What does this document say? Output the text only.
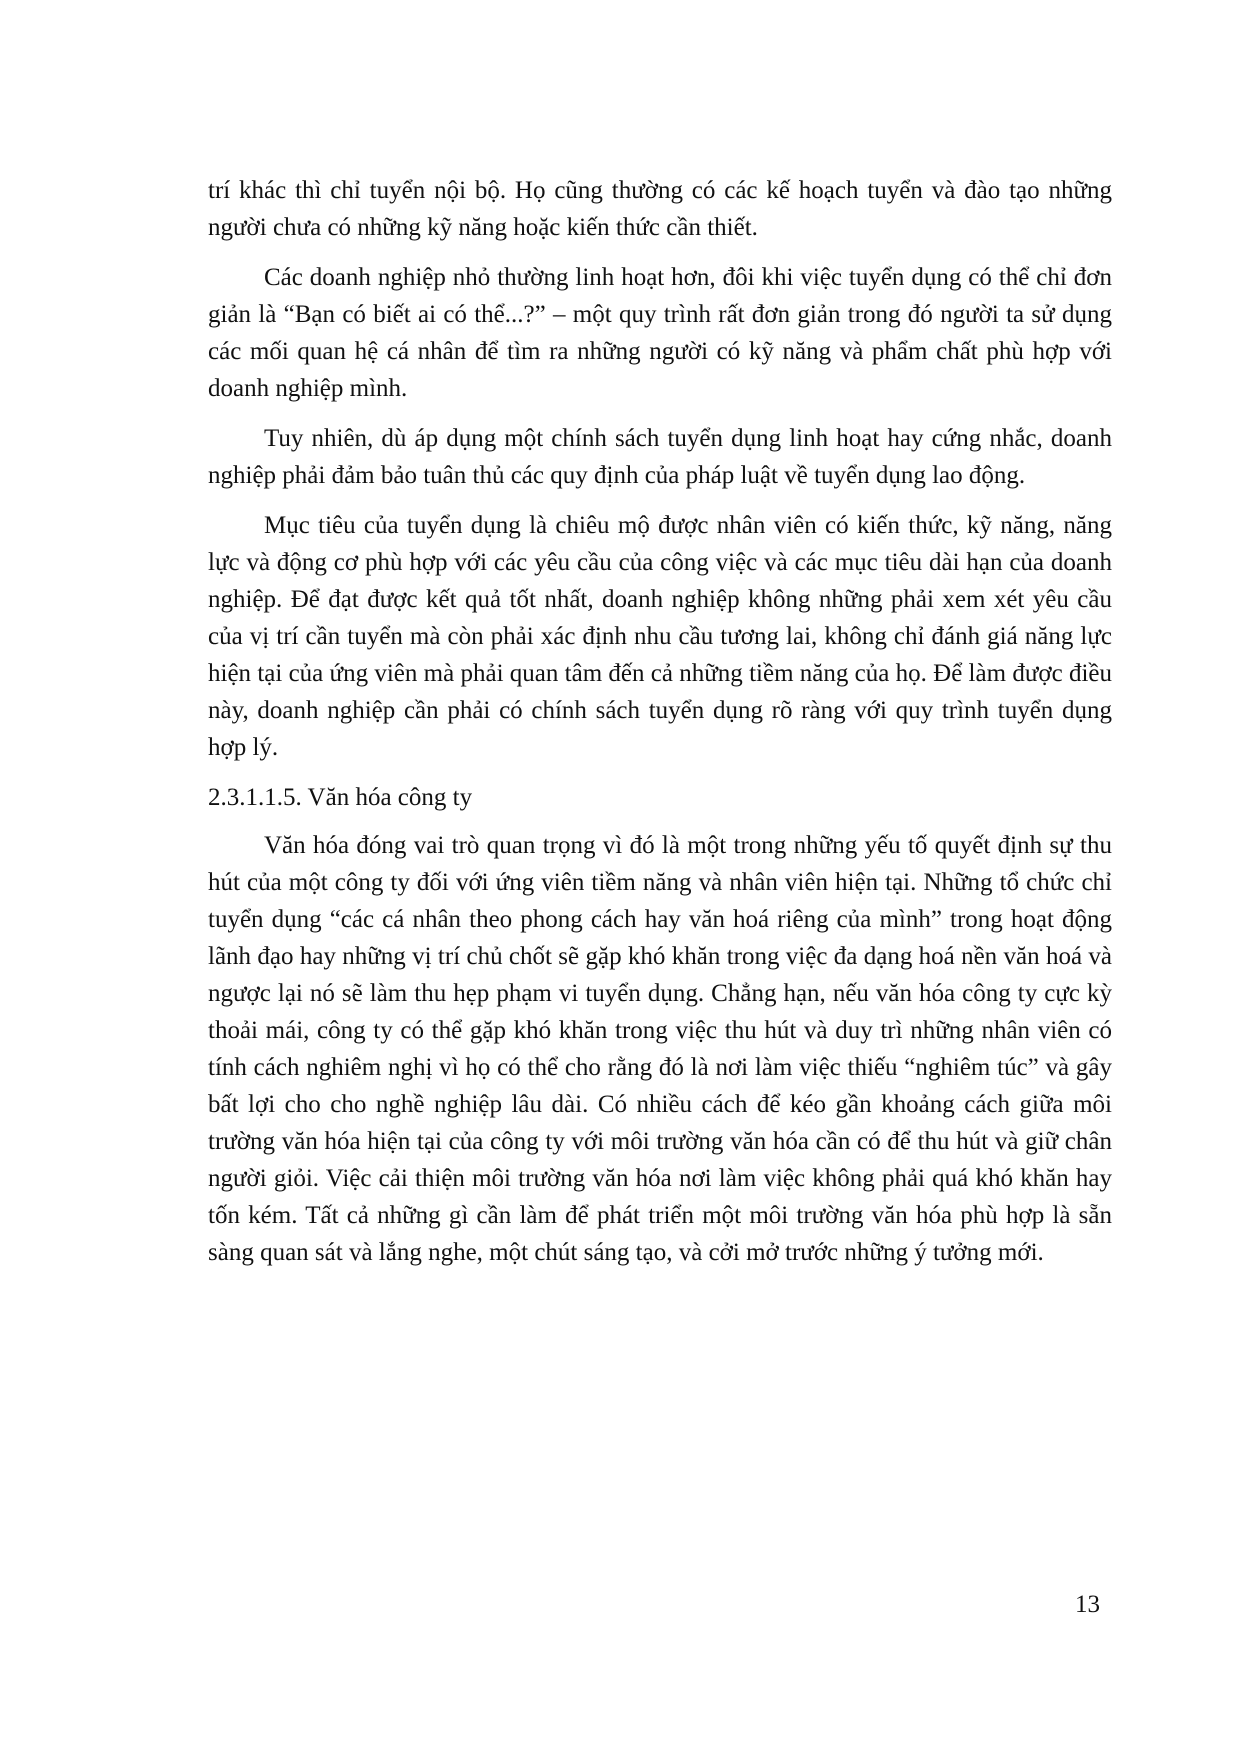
trí khác thì chỉ tuyển nội bộ. Họ cũng thường có các kế hoạch tuyển và đào tạo những người chưa có những kỹ năng hoặc kiến thức cần thiết.

Các doanh nghiệp nhỏ thường linh hoạt hơn, đôi khi việc tuyển dụng có thể chỉ đơn giản là “Bạn có biết ai có thể...?” – một quy trình rất đơn giản trong đó người ta sử dụng các mối quan hệ cá nhân để tìm ra những người có kỹ năng và phẩm chất phù hợp với doanh nghiệp mình.

Tuy nhiên, dù áp dụng một chính sách tuyển dụng linh hoạt hay cứng nhắc, doanh nghiệp phải đảm bảo tuân thủ các quy định của pháp luật về tuyển dụng lao động.

Mục tiêu của tuyển dụng là chiêu mộ được nhân viên có kiến thức, kỹ năng, năng lực và động cơ phù hợp với các yêu cầu của công việc và các mục tiêu dài hạn của doanh nghiệp. Để đạt được kết quả tốt nhất, doanh nghiệp không những phải xem xét yêu cầu của vị trí cần tuyển mà còn phải xác định nhu cầu tương lai, không chỉ đánh giá năng lực hiện tại của ứng viên mà phải quan tâm đến cả những tiềm năng của họ. Để làm được điều này, doanh nghiệp cần phải có chính sách tuyển dụng rõ ràng với quy trình tuyển dụng hợp lý.

2.3.1.1.5. Văn hóa công ty

Văn hóa đóng vai trò quan trọng vì đó là một trong những yếu tố quyết định sự thu hút của một công ty đối với ứng viên tiềm năng và nhân viên hiện tại. Những tổ chức chỉ tuyển dụng “các cá nhân theo phong cách hay văn hoá riêng của mình” trong hoạt động lãnh đạo hay những vị trí chủ chốt sẽ gặp khó khăn trong việc đa dạng hoá nền văn hoá và ngược lại nó sẽ làm thu hẹp phạm vi tuyển dụng. Chẳng hạn, nếu văn hóa công ty cực kỳ thoải mái, công ty có thể gặp khó khăn trong việc thu hút và duy trì những nhân viên có tính cách nghiêm nghị vì họ có thể cho rằng đó là nơi làm việc thiếu “nghiêm túc” và gây bất lợi cho cho nghề nghiệp lâu dài. Có nhiều cách để kéo gần khoảng cách giữa môi trường văn hóa hiện tại của công ty với môi trường văn hóa cần có để thu hút và giữ chân người giỏi. Việc cải thiện môi trường văn hóa nơi làm việc không phải quá khó khăn hay tốn kém. Tất cả những gì cần làm để phát triển một môi trường văn hóa phù hợp là sẵn sàng quan sát và lắng nghe, một chút sáng tạo, và cởi mở trước những ý tưởng mới.

13
